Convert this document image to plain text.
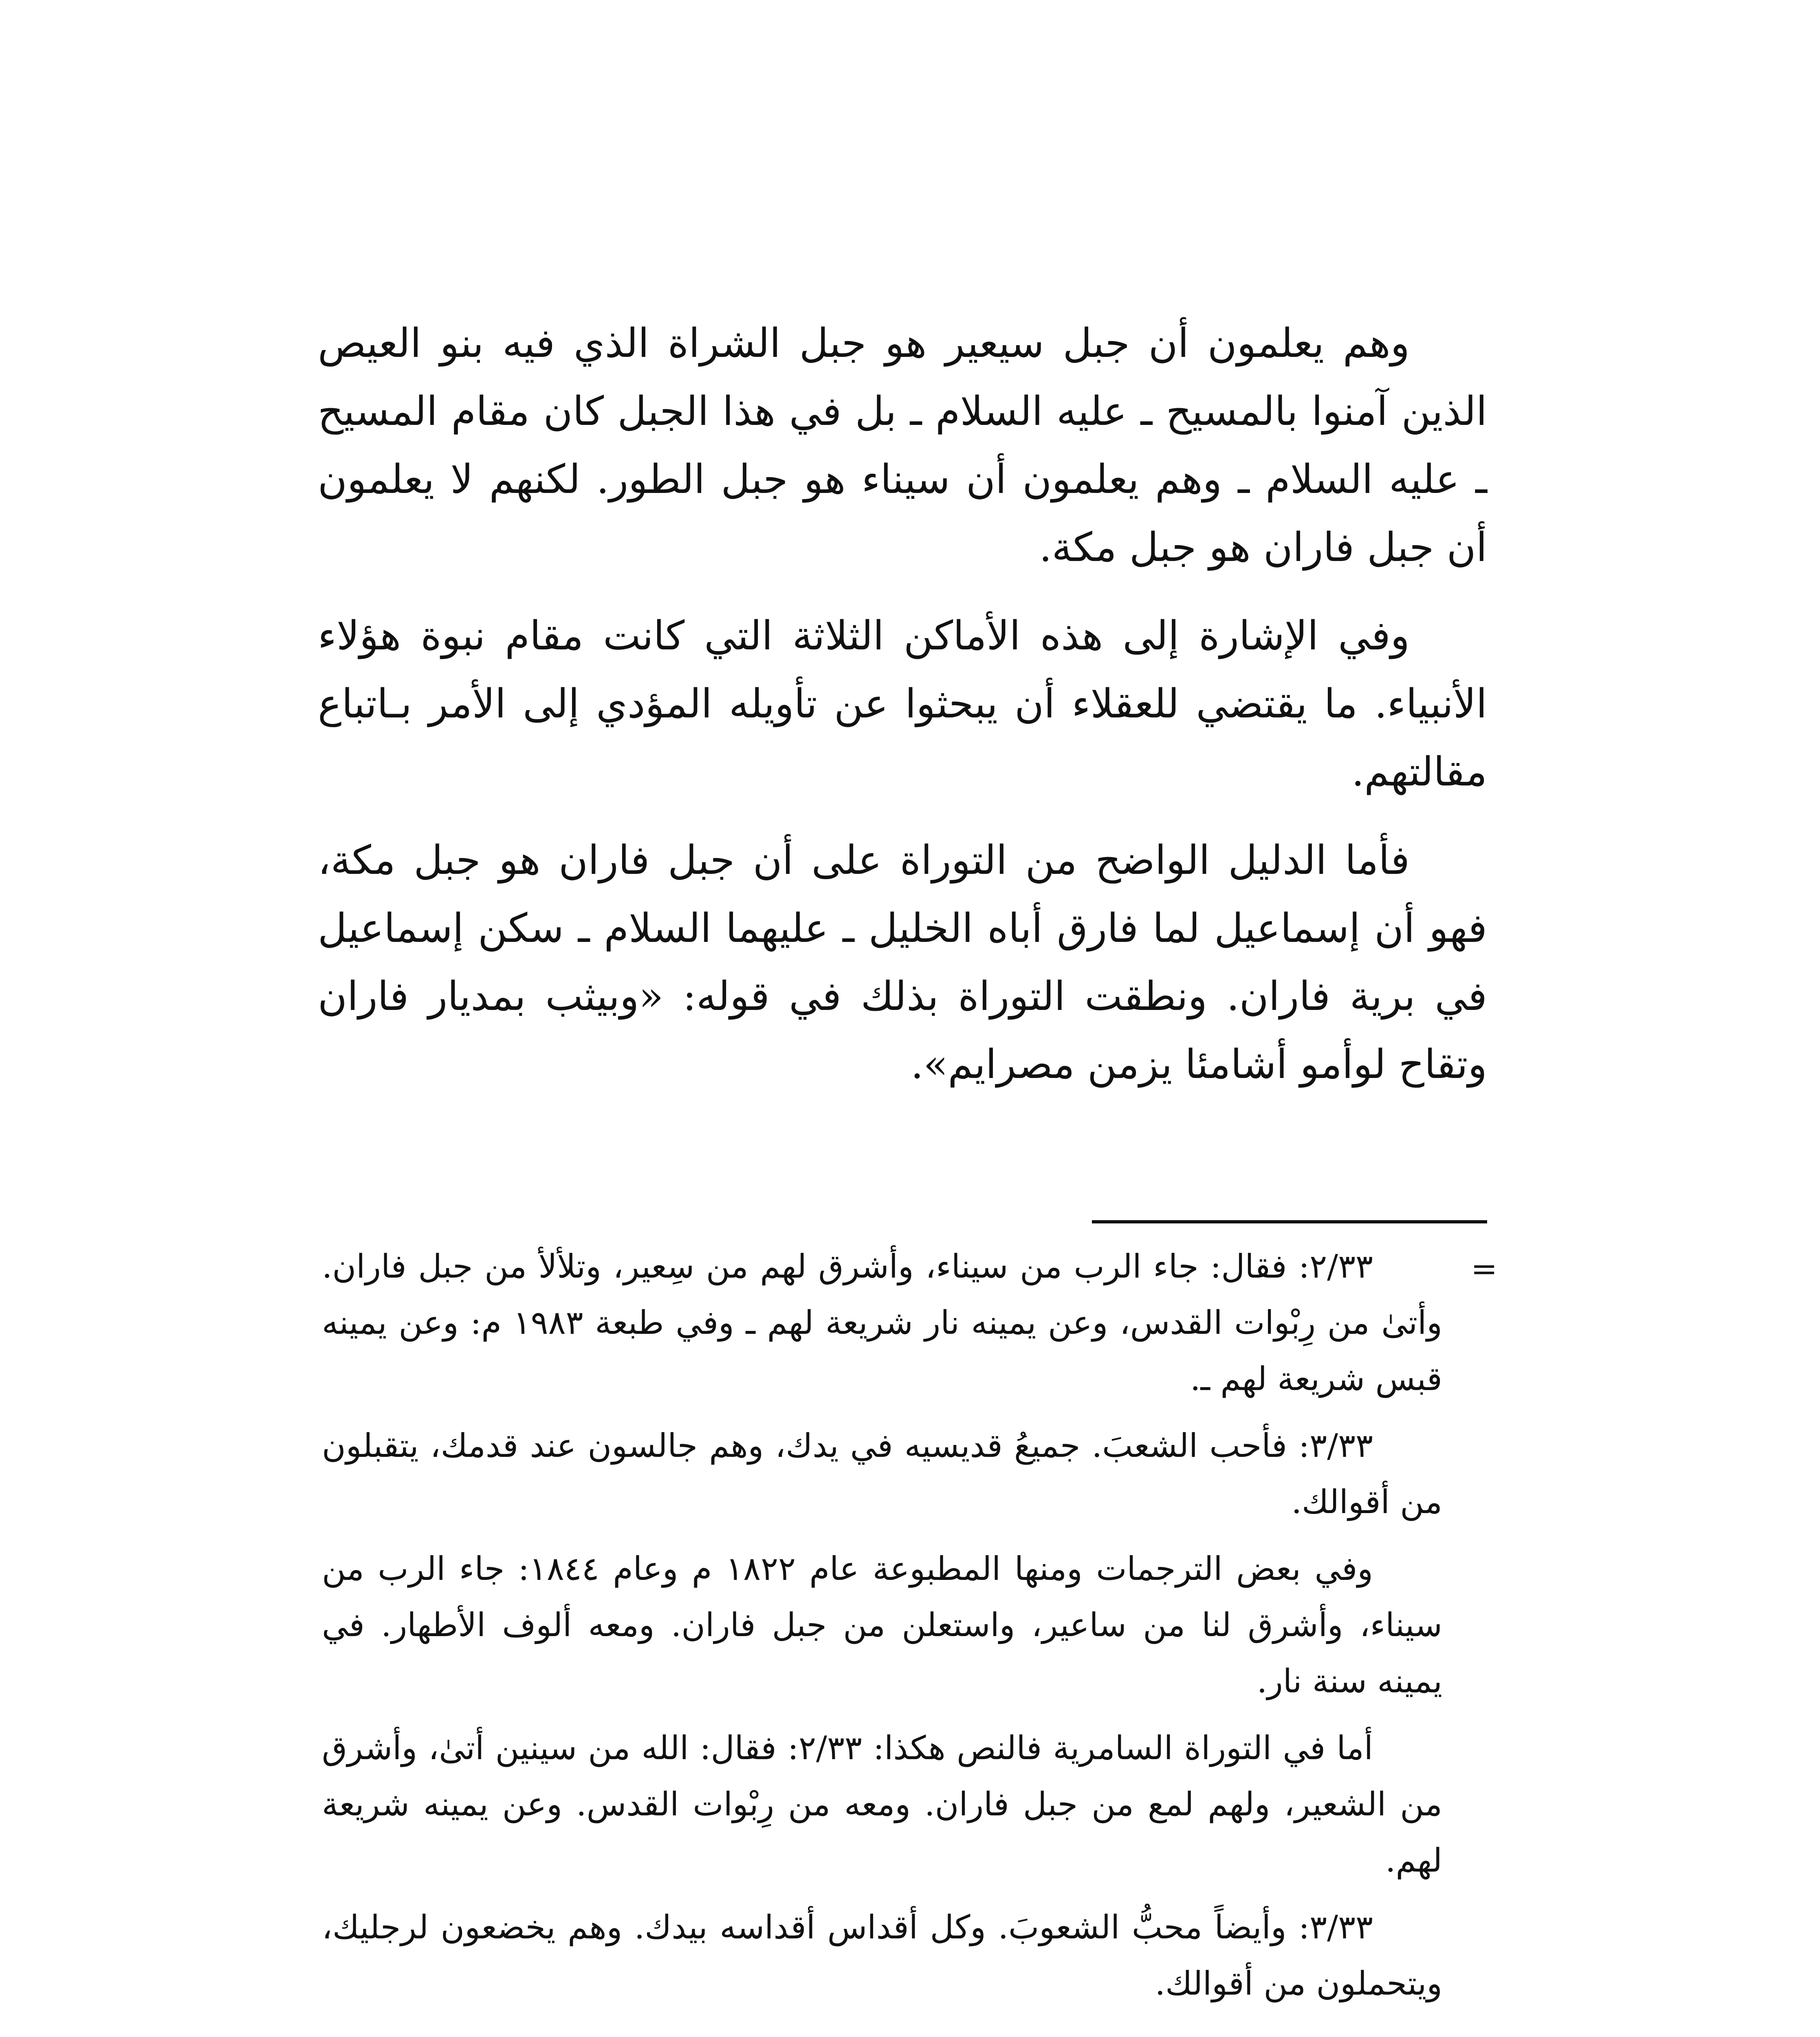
وهم يعلمون أن جبل سيعير هو جبل الشراة الذي فيه بنو العيص الذين آمنوا بالمسيح ـ عليه السلام ـ بل في هذا الجبل كان مقام المسيح ـ عليه السلام ـ وهم يعلمون أن سيناء هو جبل الطور. لكنهم لا يعلمون أن جبل فاران هو جبل مكة.

وفي الإشارة إلى هذه الأماكن الثلاثة التي كانت مقام نبوة هؤلاء الأنبياء. ما يقتضي للعقلاء أن يبحثوا عن تأويله المؤدي إلى الأمر بـاتباع مقالتهم.

فأما الدليل الواضح من التوراة على أن جبل فاران هو جبل مكة، فهو أن إسماعيل لما فارق أباه الخليل ـ عليهما السلام ـ سكن إسماعيل في برية فاران. ونطقت التوراة بذلك في قوله: «وبيثب بمديار فاران وتقاح لوأمو أشامئا يزمن مصرايم».

=

٢/٣٣: فقال: جاء الرب من سيناء، وأشرق لهم من سِعير، وتلألأ من جبل فاران. وأتىٰ من رِبْوات القدس، وعن يمينه نار شريعة لهم ـ وفي طبعة ١٩٨٣ م: وعن يمينه قبس شريعة لهم ـ.

٣/٣٣: فأحب الشعبَ. جميعُ قديسيه في يدك، وهم جالسون عند قدمك، يتقبلون من أقوالك.

وفي بعض الترجمات ومنها المطبوعة عام ١٨٢٢ م وعام ١٨٤٤: جاء الرب من سيناء، وأشرق لنا من ساعير، واستعلن من جبل فاران. ومعه ألوف الأطهار. في يمينه سنة نار.

أما في التوراة السامرية فالنص هكذا: ٢/٣٣: فقال: الله من سينين أتىٰ، وأشرق من الشعير، ولهم لمع من جبل فاران. ومعه من رِبْوات القدس. وعن يمينه شريعة لهم.

٣/٣٣: وأيضاً محبُّ الشعوبَ. وكل أقداس أقداسه بيدك. وهم يخضعون لرجليك، ويتحملون من أقوالك.
